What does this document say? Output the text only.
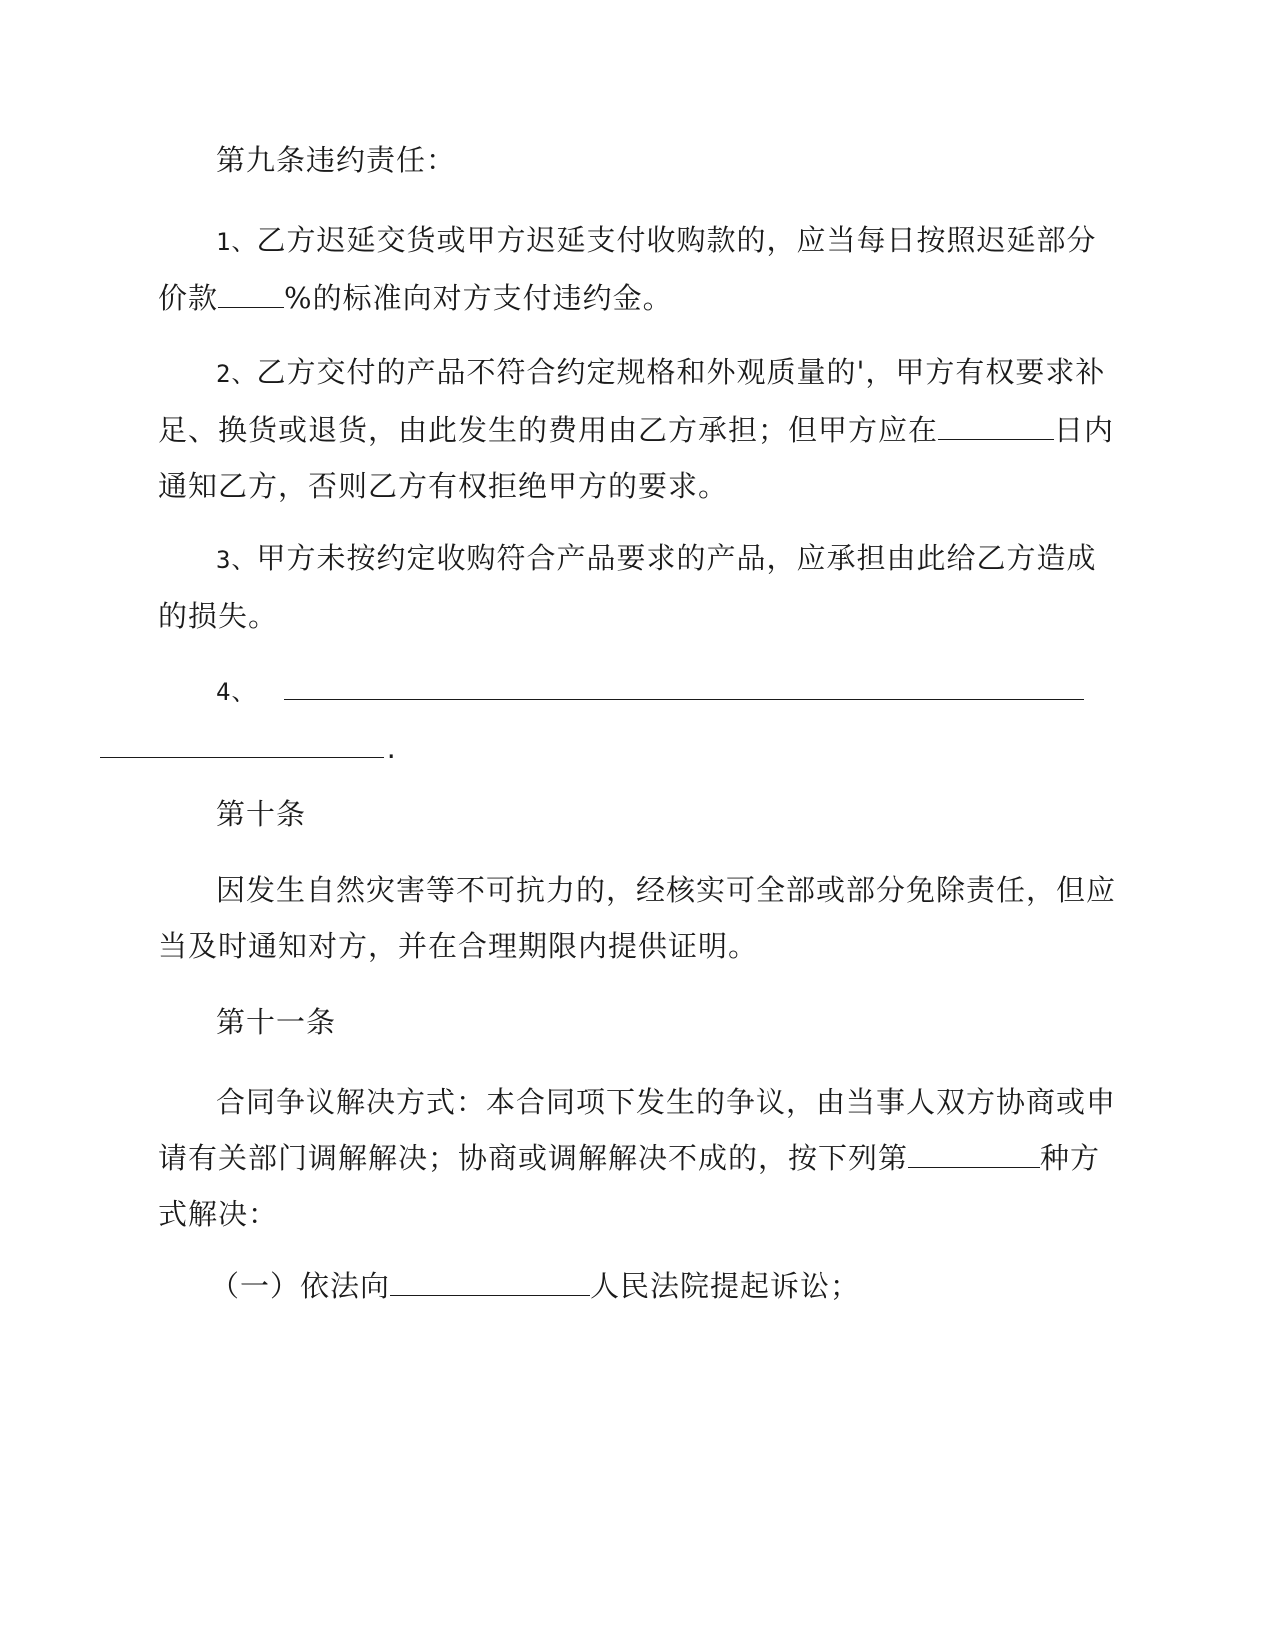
第九条违约责任：

1、乙方迟延交货或甲方迟延支付收购款的，应当每日按照迟延部分价款 %的标准向对方支付违约金。

2、乙方交付的产品不符合约定规格和外观质量的'，甲方有权要求补足、换货或退货，由此发生的费用由乙方承担；但甲方应在	日内通知乙方，否则乙方有权拒绝甲方的要求。

3、甲方未按约定收购符合产品要求的产品，应承担由此给乙方造成的损失。

4、.

第十条

因发生自然灾害等不可抗力的，经核实可全部或部分免除责任，但应当及时通知对方，并在合理期限内提供证明。

第十一条

合同争议解决方式：本合同项下发生的争议，由当事人双方协商或申请有关部门调解解决；协商或调解解决不成的，按下列第	种方式解决：

（一）依法向	人民法院提起诉讼；
